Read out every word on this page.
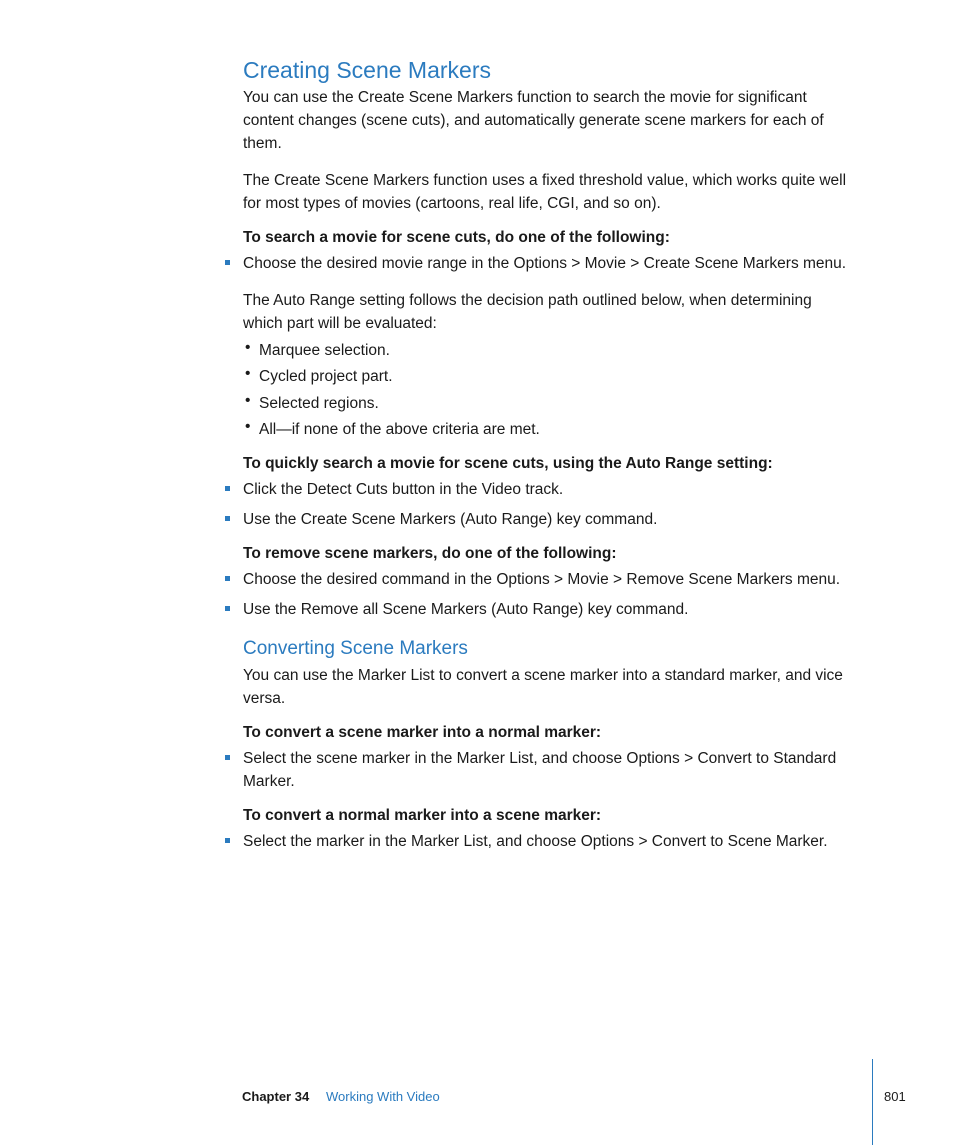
Creating Scene Markers
You can use the Create Scene Markers function to search the movie for significant
content changes (scene cuts), and automatically generate scene markers for each of
them.
The Create Scene Markers function uses a fixed threshold value, which works quite well
for most types of movies (cartoons, real life, CGI, and so on).
To search a movie for scene cuts, do one of the following:
Choose the desired movie range in the Options > Movie > Create Scene Markers menu.
The Auto Range setting follows the decision path outlined below, when determining
which part will be evaluated:
• Marquee selection.
• Cycled project part.
• Selected regions.
• All—if none of the above criteria are met.
To quickly search a movie for scene cuts, using the Auto Range setting:
Click the Detect Cuts button in the Video track.
Use the Create Scene Markers (Auto Range) key command.
To remove scene markers, do one of the following:
Choose the desired command in the Options > Movie > Remove Scene Markers menu.
Use the Remove all Scene Markers (Auto Range) key command.
Converting Scene Markers
You can use the Marker List to convert a scene marker into a standard marker, and vice
versa.
To convert a scene marker into a normal marker:
Select the scene marker in the Marker List, and choose Options > Convert to Standard
Marker.
To convert a normal marker into a scene marker:
Select the marker in the Marker List, and choose Options > Convert to Scene Marker.
Chapter 34 Working With Video	801
